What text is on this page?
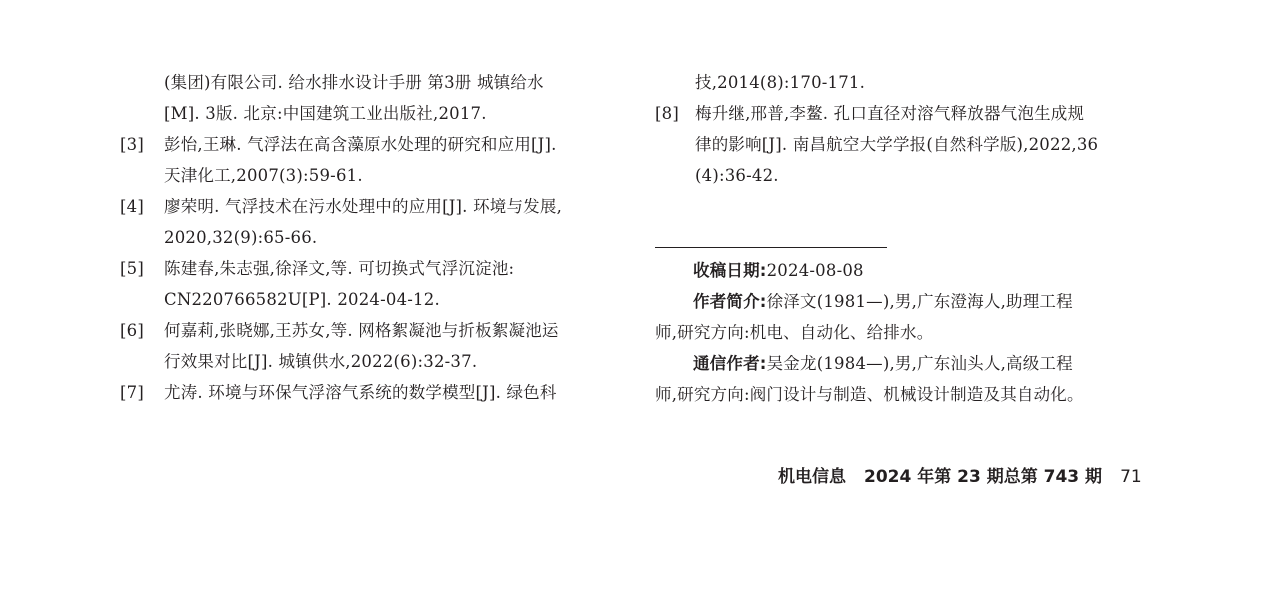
(集团)有限公司. 给水排水设计手册 第3册 城镇给水
[M]. 3版. 北京:中国建筑工业出版社,2017.
[3] 彭怡,王琳. 气浮法在高含藻原水处理的研究和应用[J].
天津化工,2007(3):59-61.
[4] 廖荣明. 气浮技术在污水处理中的应用[J]. 环境与发展,
2020,32(9):65-66.
[5] 陈建春,朱志强,徐泽文,等. 可切换式气浮沉淀池:
CN220766582U[P]. 2024-04-12.
[6] 何嘉莉,张晓娜,王苏女,等. 网格絮凝池与折板絮凝池运
行效果对比[J]. 城镇供水,2022(6):32-37.
[7] 尤涛. 环境与环保气浮溶气系统的数学模型[J]. 绿色科
技,2014(8):170-171.
[8] 梅升继,邢普,李鳌. 孔口直径对溶气释放器气泡生成规
律的影响[J]. 南昌航空大学学报(自然科学版),2022,36
(4):36-42.
收稿日期:2024-08-08
作者简介:徐泽文(1981—),男,广东澄海人,助理工程
师,研究方向:机电、自动化、给排水。
通信作者:吴金龙(1984—),男,广东汕头人,高级工程
师,研究方向:阀门设计与制造、机械设计制造及其自动化。
机电信息 2024 年第 23 期总第 743 期 71
